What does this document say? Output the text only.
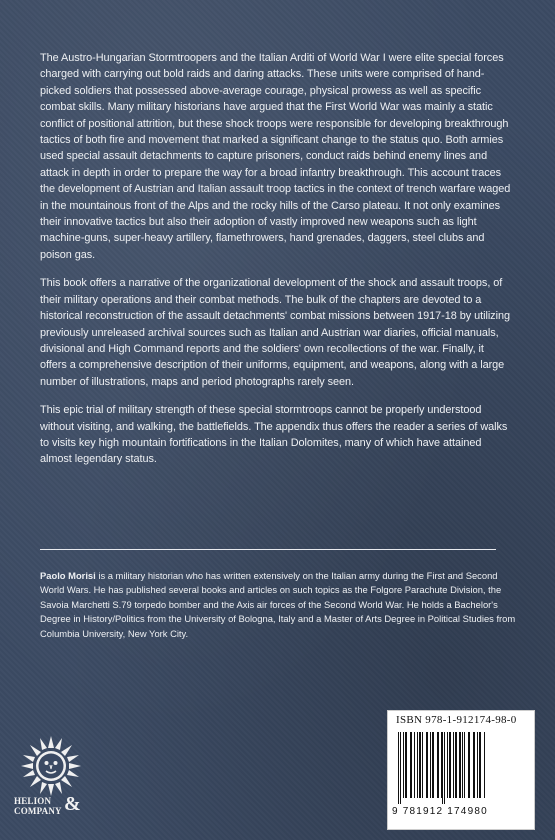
The Austro-Hungarian Stormtroopers and the Italian Arditi of World War I were elite special forces charged with carrying out bold raids and daring attacks. These units were comprised of hand-picked soldiers that possessed above-average courage, physical prowess as well as specific combat skills. Many military historians have argued that the First World War was mainly a static conflict of positional attrition, but these shock troops were responsible for developing breakthrough tactics of both fire and movement that marked a significant change to the status quo. Both armies used special assault detachments to capture prisoners, conduct raids behind enemy lines and attack in depth in order to prepare the way for a broad infantry breakthrough. This account traces the development of Austrian and Italian assault troop tactics in the context of trench warfare waged in the mountainous front of the Alps and the rocky hills of the Carso plateau. It not only examines their innovative tactics but also their adoption of vastly improved new weapons such as light machine-guns, super-heavy artillery, flamethrowers, hand grenades, daggers, steel clubs and poison gas.

This book offers a narrative of the organizational development of the shock and assault troops, of their military operations and their combat methods. The bulk of the chapters are devoted to a historical reconstruction of the assault detachments' combat missions between 1917-18 by utilizing previously unreleased archival sources such as Italian and Austrian war diaries, official manuals, divisional and High Command reports and the soldiers' own recollections of the war. Finally, it offers a comprehensive description of their uniforms, equipment, and weapons, along with a large number of illustrations, maps and period photographs rarely seen.

This epic trial of military strength of these special stormtroops cannot be properly understood without visiting, and walking, the battlefields. The appendix thus offers the reader a series of walks to visits key high mountain fortifications in the Italian Dolomites, many of which have attained almost legendary status.

Paolo Morisi is a military historian who has written extensively on the Italian army during the First and Second World Wars. He has published several books and articles on such topics as the Folgore Parachute Division, the Savoia Marchetti S.79 torpedo bomber and the Axis air forces of the Second World War. He holds a Bachelor's Degree in History/Politics from the University of Bologna, Italy and a Master of Arts Degree in Political Studies from Columbia University, New York City.
HELION
COMPANY &
ISBN 978-1-912174-98-0
9 781912 174980
